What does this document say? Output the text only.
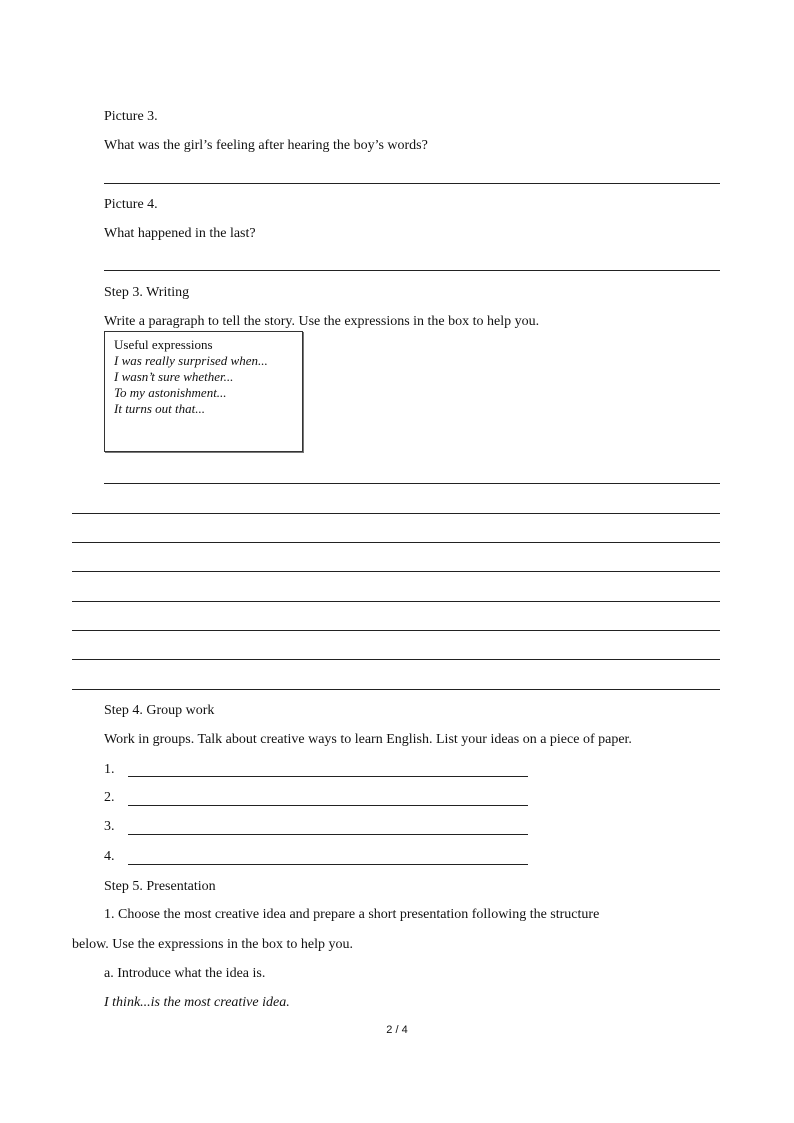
Picture 3.
What was the girl’s feeling after hearing the boy’s words?
Picture 4.
What happened in the last?
Step 3. Writing
Write a paragraph to tell the story. Use the expressions in the box to help you.
Useful expressions
I was really surprised when...
I wasn’t sure whether...
To my astonishment...
It turns out that...
Step 4. Group work
Work in groups. Talk about creative ways to learn English. List your ideas on a piece of paper.
1.
2.
3.
4.
Step 5. Presentation
1. Choose the most creative idea and prepare a short presentation following the structure
below. Use the expressions in the box to help you.
a. Introduce what the idea is.
I think...is the most creative idea.
2 / 4
